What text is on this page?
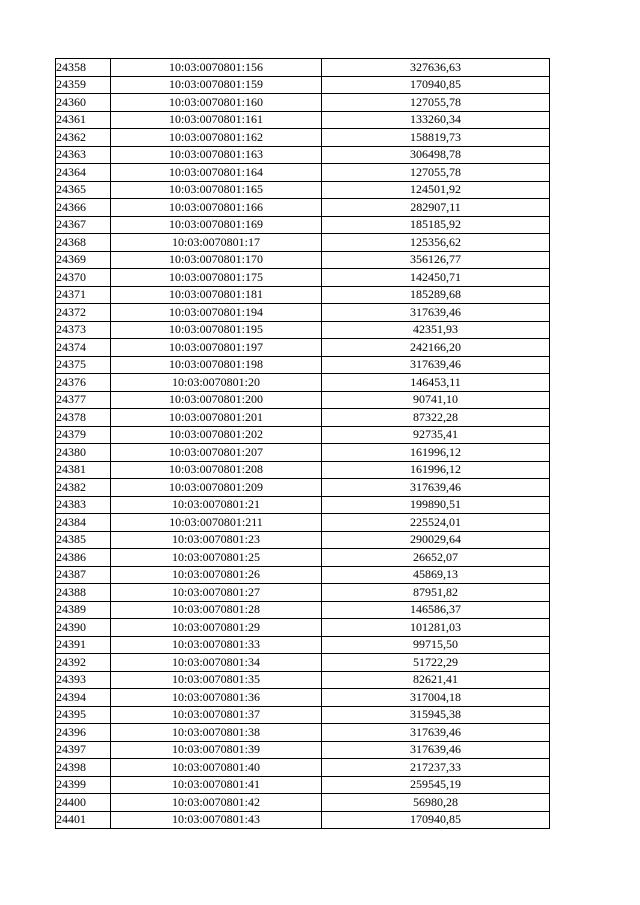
24358	10:03:0070801:156	327636,63
24359	10:03:0070801:159	170940,85
24360	10:03:0070801:160	127055,78
24361	10:03:0070801:161	133260,34
24362	10:03:0070801:162	158819,73
24363	10:03:0070801:163	306498,78
24364	10:03:0070801:164	127055,78
24365	10:03:0070801:165	124501,92
24366	10:03:0070801:166	282907,11
24367	10:03:0070801:169	185185,92
24368	10:03:0070801:17	125356,62
24369	10:03:0070801:170	356126,77
24370	10:03:0070801:175	142450,71
24371	10:03:0070801:181	185289,68
24372	10:03:0070801:194	317639,46
24373	10:03:0070801:195	42351,93
24374	10:03:0070801:197	242166,20
24375	10:03:0070801:198	317639,46
24376	10:03:0070801:20	146453,11
24377	10:03:0070801:200	90741,10
24378	10:03:0070801:201	87322,28
24379	10:03:0070801:202	92735,41
24380	10:03:0070801:207	161996,12
24381	10:03:0070801:208	161996,12
24382	10:03:0070801:209	317639,46
24383	10:03:0070801:21	199890,51
24384	10:03:0070801:211	225524,01
24385	10:03:0070801:23	290029,64
24386	10:03:0070801:25	26652,07
24387	10:03:0070801:26	45869,13
24388	10:03:0070801:27	87951,82
24389	10:03:0070801:28	146586,37
24390	10:03:0070801:29	101281,03
24391	10:03:0070801:33	99715,50
24392	10:03:0070801:34	51722,29
24393	10:03:0070801:35	82621,41
24394	10:03:0070801:36	317004,18
24395	10:03:0070801:37	315945,38
24396	10:03:0070801:38	317639,46
24397	10:03:0070801:39	317639,46
24398	10:03:0070801:40	217237,33
24399	10:03:0070801:41	259545,19
24400	10:03:0070801:42	56980,28
24401	10:03:0070801:43	170940,85
